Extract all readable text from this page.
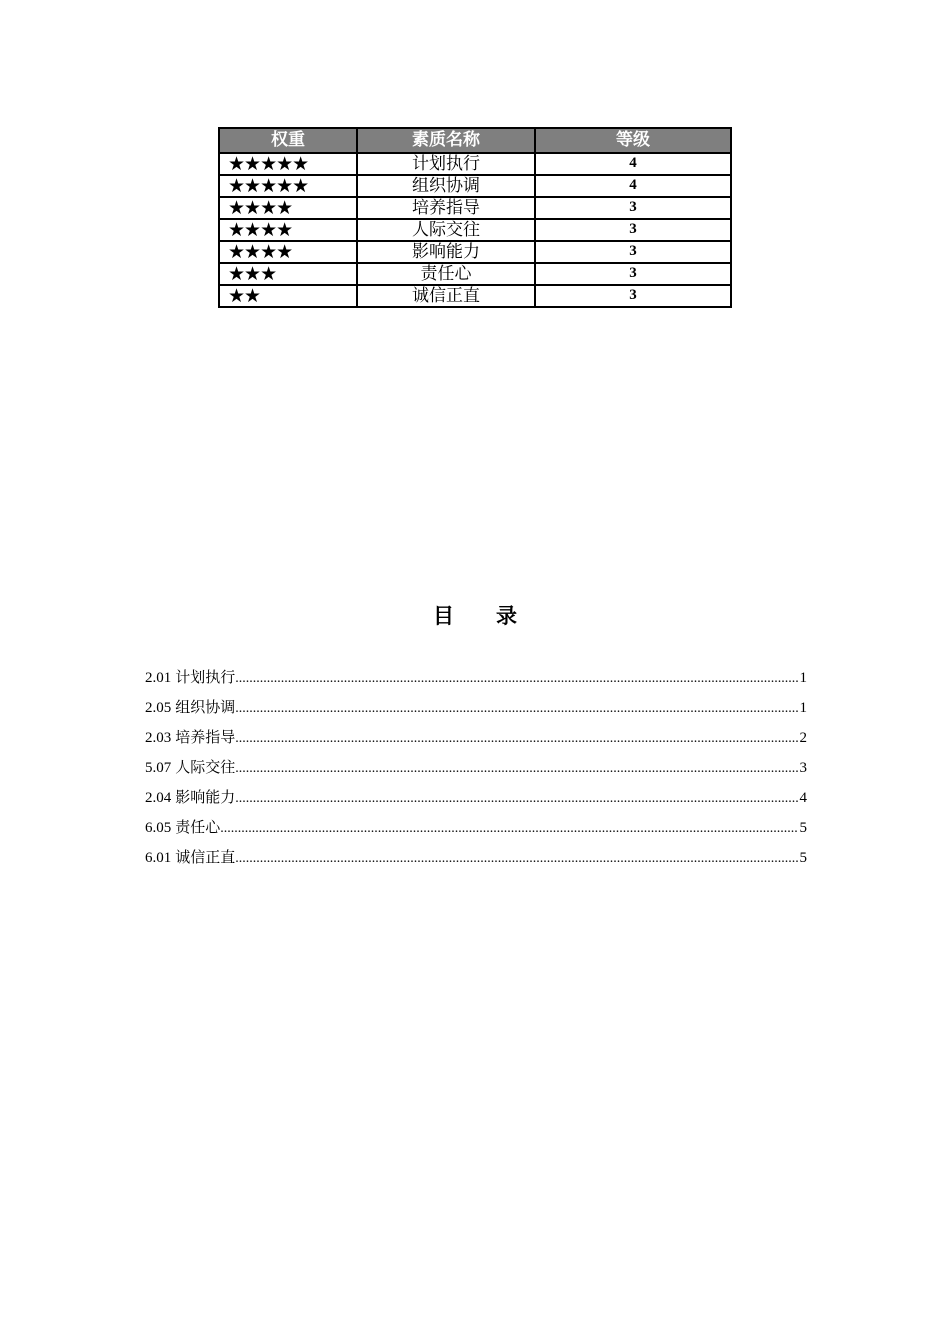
权重	素质名称	等级
★★★★★	计划执行	4
★★★★★	组织协调	4
★★★★	培养指导	3
★★★★	人际交往	3
★★★★	影响能力	3
★★★	责任心	3
★★	诚信正直	3
目 录
2.01 计划执行 .....	1
2.05 组织协调 .....	1
2.03 培养指导 .....	2
5.07 人际交往 .....	3
2.04 影响能力 .....	4
6.05 责任心 .....	5
6.01 诚信正直 .....	5
